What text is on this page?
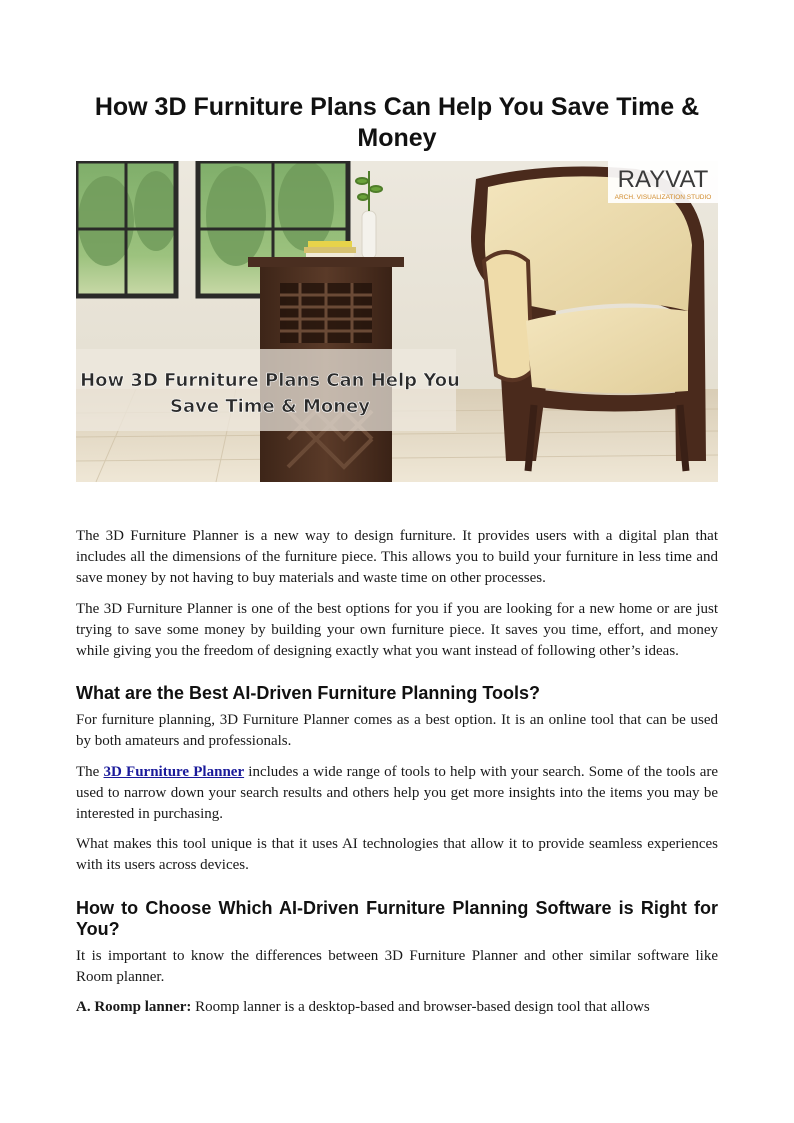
How 3D Furniture Plans Can Help You Save Time & Money
How 3D Furniture Plans Can Help You
Save Time & Money
RAYVAT
ARCH. VISUALIZATION STUDIO

The 3D Furniture Planner is a new way to design furniture. It provides users with a digital plan that includes all the dimensions of the furniture piece. This allows you to build your furniture in less time and save money by not having to buy materials and waste time on other processes.

The 3D Furniture Planner is one of the best options for you if you are looking for a new home or are just trying to save some money by building your own furniture piece. It saves you time, effort, and money while giving you the freedom of designing exactly what you want instead of following other’s ideas.

What are the Best AI-Driven Furniture Planning Tools?

For furniture planning, 3D Furniture Planner comes as a best option. It is an online tool that can be used by both amateurs and professionals.

The 3D Furniture Planner includes a wide range of tools to help with your search. Some of the tools are used to narrow down your search results and others help you get more insights into the items you may be interested in purchasing.

What makes this tool unique is that it uses AI technologies that allow it to provide seamless experiences with its users across devices.

How to Choose Which AI-Driven Furniture Planning Software is Right for You?

It is important to know the differences between 3D Furniture Planner and other similar software like Room planner.

A. Roomp lanner: Roomp lanner is a desktop-based and browser-based design tool that allows
